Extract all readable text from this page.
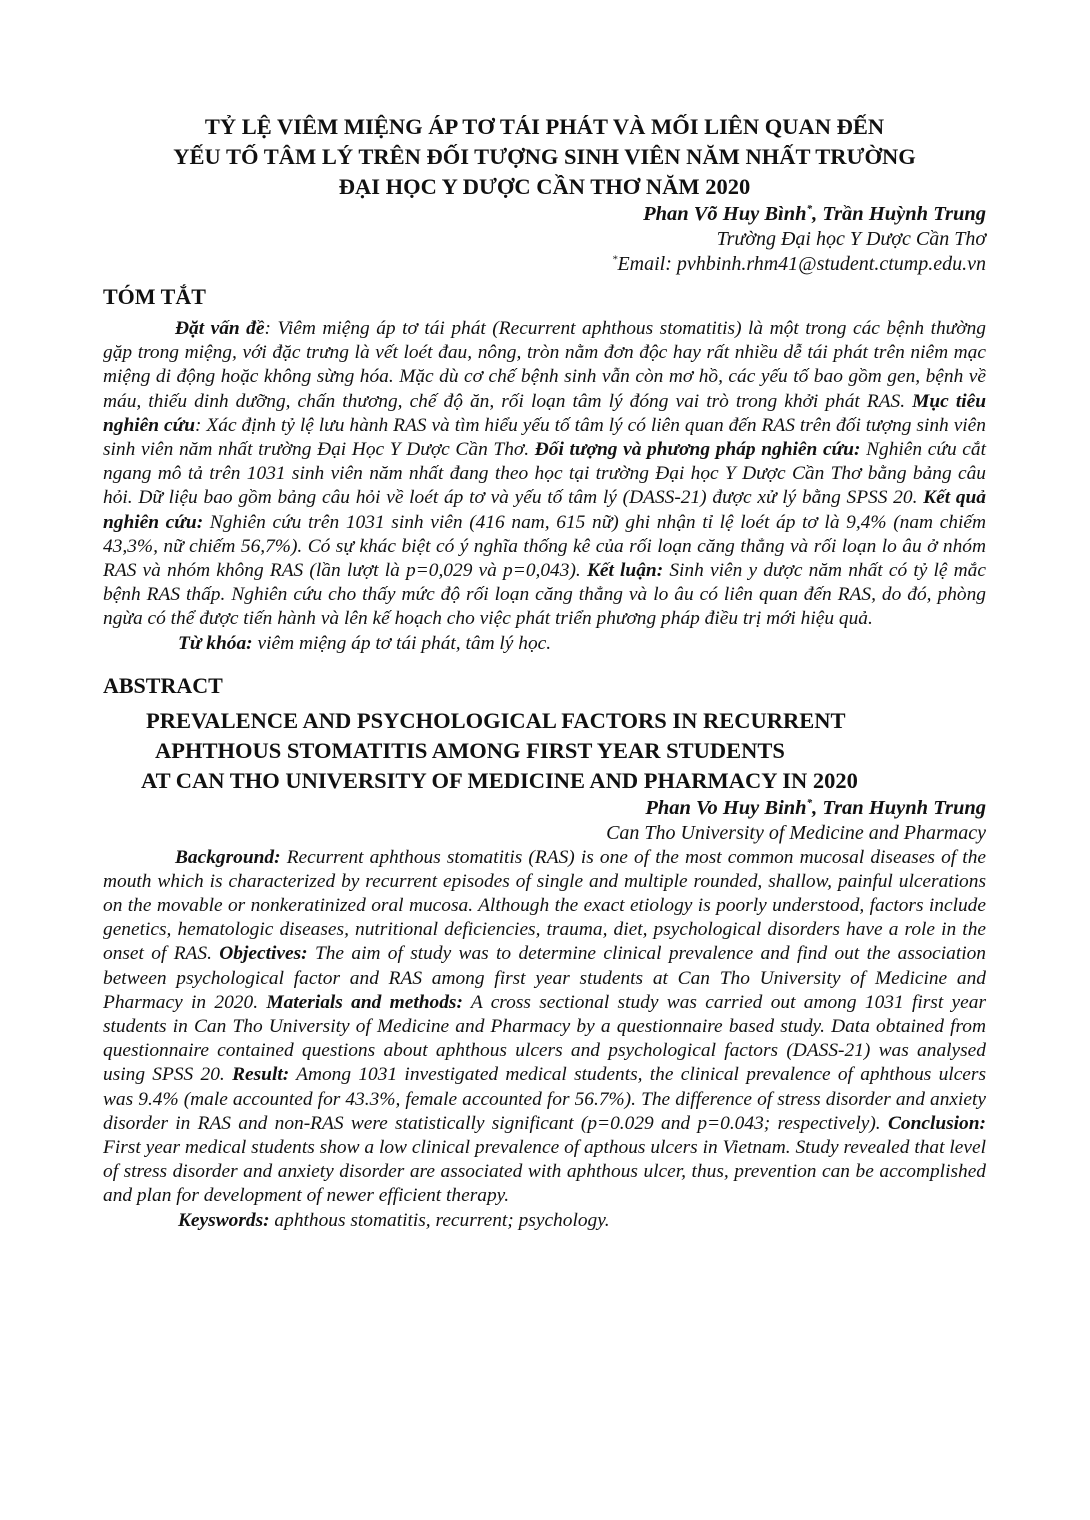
TỶ LỆ VIÊM MIỆNG ÁP TƠ TÁI PHÁT VÀ MỐI LIÊN QUAN ĐẾN
YẾU TỐ TÂM LÝ TRÊN ĐỐI TƯỢNG SINH VIÊN NĂM NHẤT TRƯỜNG
ĐẠI HỌC Y DƯỢC CẦN THƠ NĂM 2020
Phan Võ Huy Bình*, Trần Huỳnh Trung
Trường Đại học Y Dược Cần Thơ
*Email: pvhbinh.rhm41@student.ctump.edu.vn
TÓM TẮT

Đặt vấn đề: Viêm miệng áp tơ tái phát (Recurrent aphthous stomatitis) là một trong các bệnh thường gặp trong miệng, với đặc trưng là vết loét đau, nông, tròn nằm đơn độc hay rất nhiều dễ tái phát trên niêm mạc miệng di động hoặc không sừng hóa. Mặc dù cơ chế bệnh sinh vẫn còn mơ hồ, các yếu tố bao gồm gen, bệnh về máu, thiếu dinh dưỡng, chấn thương, chế độ ăn, rối loạn tâm lý đóng vai trò trong khởi phát RAS. Mục tiêu nghiên cứu: Xác định tỷ lệ lưu hành RAS và tìm hiểu yếu tố tâm lý có liên quan đến RAS trên đối tượng sinh viên sinh viên năm nhất trường Đại Học Y Dược Cần Thơ. Đối tượng và phương pháp nghiên cứu: Nghiên cứu cắt ngang mô tả trên 1031 sinh viên năm nhất đang theo học tại trường Đại học Y Dược Cần Thơ bằng bảng câu hỏi. Dữ liệu bao gồm bảng câu hỏi về loét áp tơ và yếu tố tâm lý (DASS-21) được xử lý bằng SPSS 20. Kết quả nghiên cứu: Nghiên cứu trên 1031 sinh viên (416 nam, 615 nữ) ghi nhận tỉ lệ loét áp tơ là 9,4% (nam chiếm 43,3%, nữ chiếm 56,7%). Có sự khác biệt có ý nghĩa thống kê của rối loạn căng thẳng và rối loạn lo âu ở nhóm RAS và nhóm không RAS (lần lượt là p=0,029 và p=0,043). Kết luận: Sinh viên y dược năm nhất có tỷ lệ mắc bệnh RAS thấp. Nghiên cứu cho thấy mức độ rối loạn căng thẳng và lo âu có liên quan đến RAS, do đó, phòng ngừa có thể được tiến hành và lên kế hoạch cho việc phát triển phương pháp điều trị mới hiệu quả.

Từ khóa: viêm miệng áp tơ tái phát, tâm lý học.

ABSTRACT
PREVALENCE AND PSYCHOLOGICAL FACTORS IN RECURRENT
APHTHOUS STOMATITIS AMONG FIRST YEAR STUDENTS
AT CAN THO UNIVERSITY OF MEDICINE AND PHARMACY IN 2020
Phan Vo Huy Binh*, Tran Huynh Trung
Can Tho University of Medicine and Pharmacy

Background: Recurrent aphthous stomatitis (RAS) is one of the most common mucosal diseases of the mouth which is characterized by recurrent episodes of single and multiple rounded, shallow, painful ulcerations on the movable or nonkeratinized oral mucosa. Although the exact etiology is poorly understood, factors include genetics, hematologic diseases, nutritional deficiencies, trauma, diet, psychological disorders have a role in the onset of RAS. Objectives: The aim of study was to determine clinical prevalence and find out the association between psychological factor and RAS among first year students at Can Tho University of Medicine and Pharmacy in 2020. Materials and methods: A cross sectional study was carried out among 1031 first year students in Can Tho University of Medicine and Pharmacy by a questionnaire based study. Data obtained from questionnaire contained questions about aphthous ulcers and psychological factors (DASS-21) was analysed using SPSS 20. Result: Among 1031 investigated medical students, the clinical prevalence of aphthous ulcers was 9.4% (male accounted for 43.3%, female accounted for 56.7%). The difference of stress disorder and anxiety disorder in RAS and non-RAS were statistically significant (p=0.029 and p=0.043; respectively). Conclusion: First year medical students show a low clinical prevalence of apthous ulcers in Vietnam. Study revealed that level of stress disorder and anxiety disorder are associated with aphthous ulcer, thus, prevention can be accomplished and plan for development of newer efficient therapy.

Keyswords: aphthous stomatitis, recurrent; psychology.
